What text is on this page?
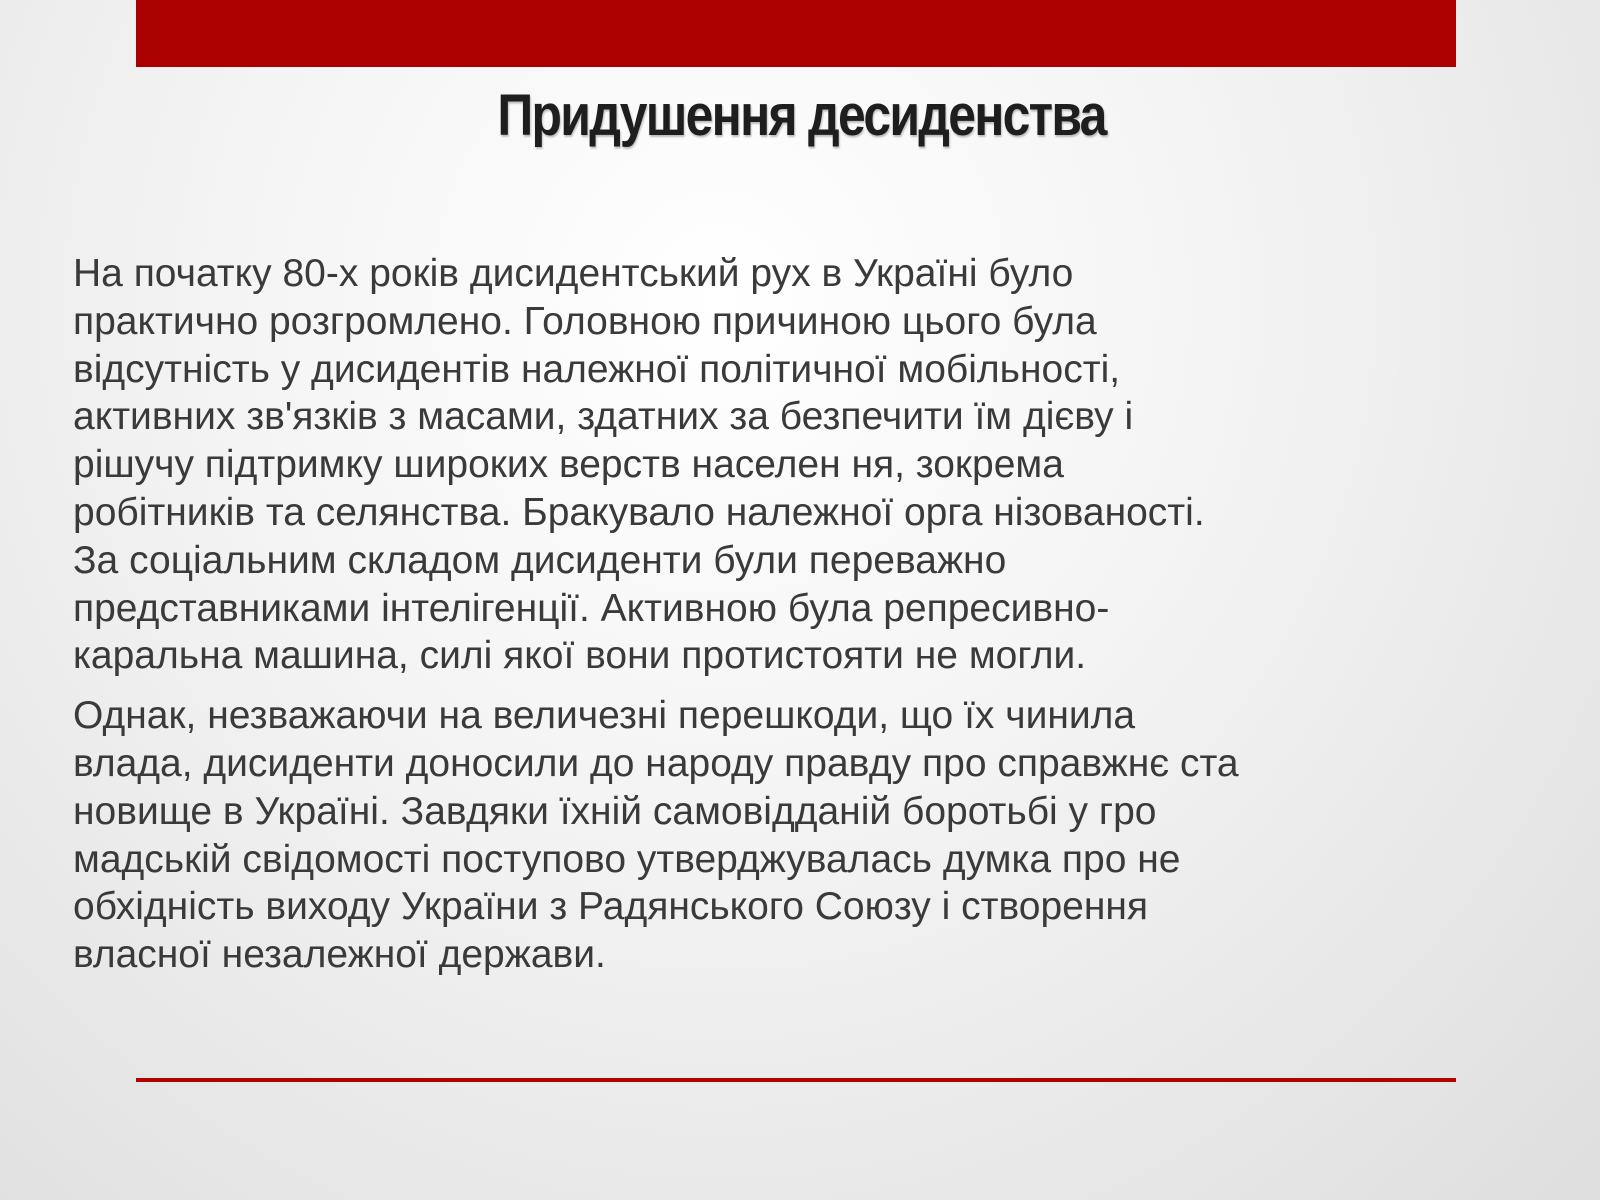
Придушення десиденства

На початку 80-х років дисидентський рух в Україні було
практично розгромлено. Головною причиною цього була
відсутність у дисидентів належної політичної мобільності,
активних зв'язків з масами, здатних за безпечити їм дієву і
рішучу підтримку широких верств населен ня, зокрема
робітників та селянства. Бракувало належної орга нізованості.
За соціальним складом дисиденти були переважно
представниками інтелігенції. Активною була репресивно-
каральна машина, силі якої вони протистояти не могли.

Однак, незважаючи на величезні перешкоди, що їх чинила
влада, дисиденти доносили до народу правду про справжнє ста
новище в Україні. Завдяки їхній самовідданій боротьбі у гро
мадській свідомості поступово утверджувалась думка про не
обхідність виходу України з Радянського Союзу і створення
власної незалежної держави.
